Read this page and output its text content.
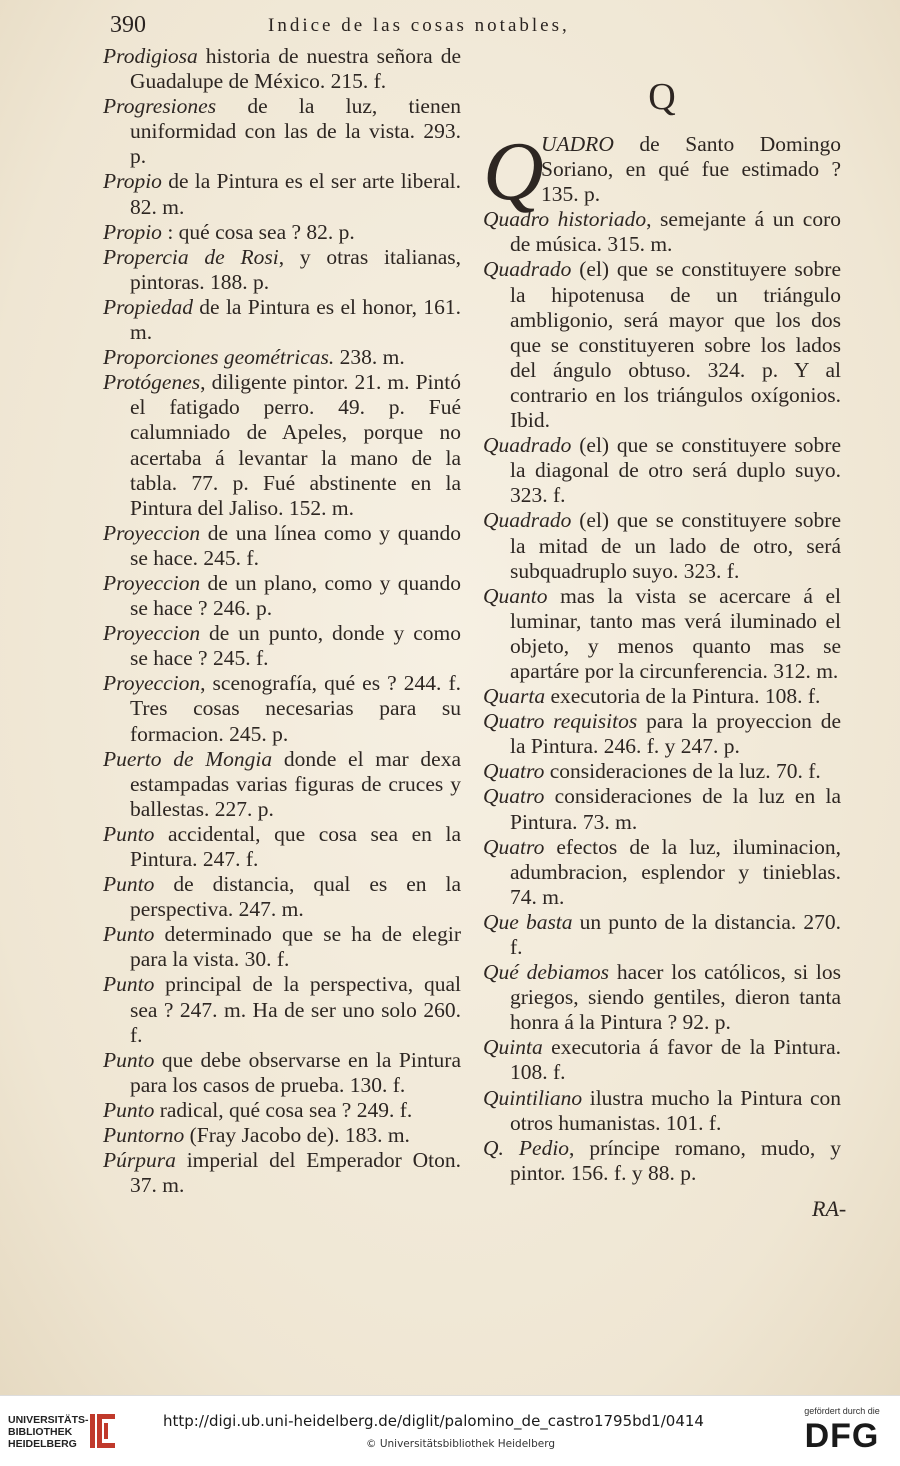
390	Indice de las cosas notables,
Prodigiosa historia de nuestra señora de Guadalupe de México. 215. f.
Progresiones de la luz, tienen uniformidad con las de la vista. 293. p.
Propio de la Pintura es el ser arte liberal. 82. m.
Propio : qué cosa sea ? 82. p.
Propercia de Rosi, y otras italianas, pintoras. 188. p.
Propiedad de la Pintura es el honor, 161. m.
Proporciones geométricas. 238. m.
Protógenes, diligente pintor. 21. m. Pintó el fatigado perro. 49. p. Fué calumniado de Apeles, porque no acertaba á levantar la mano de la tabla. 77. p. Fué abstinente en la Pintura del Jaliso. 152. m.
Proyeccion de una línea como y quando se hace. 245. f.
Proyeccion de un plano, como y quando se hace ? 246. p.
Proyeccion de un punto, donde y como se hace ? 245. f.
Proyeccion, scenografía, qué es ? 244. f. Tres cosas necesarias para su formacion. 245. p.
Puerto de Mongia donde el mar dexa estampadas varias figuras de cruces y ballestas. 227. p.
Punto accidental, que cosa sea en la Pintura. 247. f.
Punto de distancia, qual es en la perspectiva. 247. m.
Punto determinado que se ha de elegir para la vista. 30. f.
Punto principal de la perspectiva, qual sea ? 247. m. Ha de ser uno solo 260. f.
Punto que debe observarse en la Pintura para los casos de prueba. 130. f.
Punto radical, qué cosa sea ? 249. f.
Puntorno (Fray Jacobo de). 183. m.
Púrpura imperial del Emperador Oton. 37. m.
Q
Q
UADRO de Santo Domingo Soriano, en qué fue estimado ? 135. p.
Quadro historiado, semejante á un coro de música. 315. m.
Quadrado (el) que se constituyere sobre la hipotenusa de un triángulo ambligonio, será mayor que los dos que se constituyeren sobre los lados del ángulo obtuso. 324. p. Y al contrario en los triángulos oxígonios. Ibid.
Quadrado (el) que se constituyere sobre la diagonal de otro será duplo suyo. 323. f.
Quadrado (el) que se constituyere sobre la mitad de un lado de otro, será subquadruplo suyo. 323. f.
Quanto mas la vista se acercare á el luminar, tanto mas verá iluminado el objeto, y menos quanto mas se apartáre por la circunferencia. 312. m.
Quarta executoria de la Pintura. 108. f.
Quatro requisitos para la proyeccion de la Pintura. 246. f. y 247. p.
Quatro consideraciones de la luz. 70. f.
Quatro consideraciones de la luz en la Pintura. 73. m.
Quatro efectos de la luz, iluminacion, adumbracion, esplendor y tinieblas. 74. m.
Que basta un punto de la distancia. 270. f.
Qué debiamos hacer los católicos, si los griegos, siendo gentiles, dieron tanta honra á la Pintura ? 92. p.
Quinta executoria á favor de la Pintura. 108. f.
Quintiliano ilustra mucho la Pintura con otros humanistas. 101. f.
Q. Pedio, príncipe romano, mudo, y pintor. 156. f. y 88. p.
RA-
UNIVERSITÄTS-
BIBLIOTHEK
HEIDELBERG
http://digi.ub.uni-heidelberg.de/diglit/palomino_de_castro1795bd1/0414
© Universitätsbibliothek Heidelberg
gefördert durch die
DFG
